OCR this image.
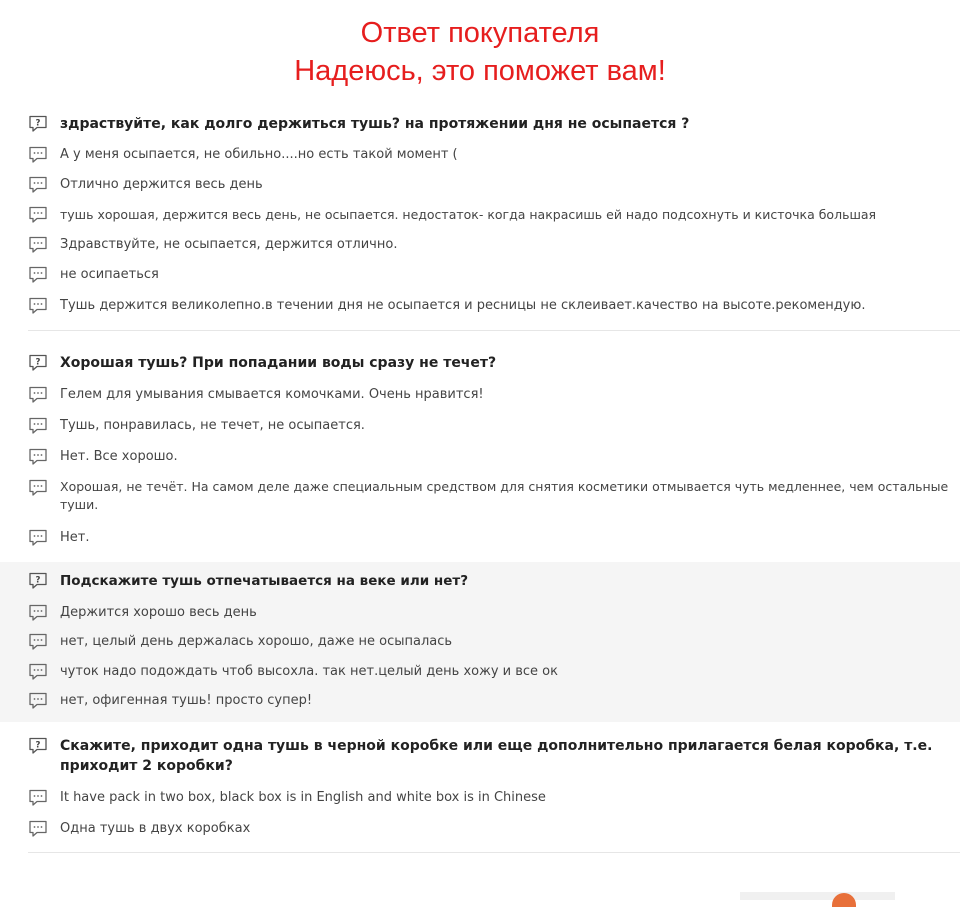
Ответ покупателя
Надеюсь, это поможет вам!
здраствуйте, как долго держиться тушь? на протяжении дня не осыпается ?
А у меня осыпается, не обильно....но есть такой момент (
Отлично держится весь день
тушь хорошая, держится весь день, не осыпается. недостаток- когда накрасишь ей надо подсохнуть и кисточка большая
Здравствуйте, не осыпается, держится отлично.
не осипаеться
Тушь держится великолепно.в течении дня не осыпается и ресницы не склеивает.качество на высоте.рекомендую.
Хорошая тушь? При попадании воды сразу не течет?
Гелем для умывания смывается комочками. Очень нравится!
Тушь, понравилась, не течет, не осыпается.
Нет. Все хорошо.
Хорошая, не течёт. На самом деле даже специальным средством для снятия косметики отмывается чуть медленнее, чем остальные туши.
Нет.
Подскажите тушь отпечатывается на веке или нет?
Держится хорошо весь день
нет, целый день держалась хорошо, даже не осыпалась
чуток надо подождать чтоб высохла. так нет.целый день хожу и все ок
нет, офигенная тушь! просто супер!
Скажите, приходит одна тушь в черной коробке или еще дополнительно прилагается белая коробка, т.е. приходит 2 коробки?
It have pack in two box, black box is in English and white box is in Chinese
Одна тушь в двух коробках
